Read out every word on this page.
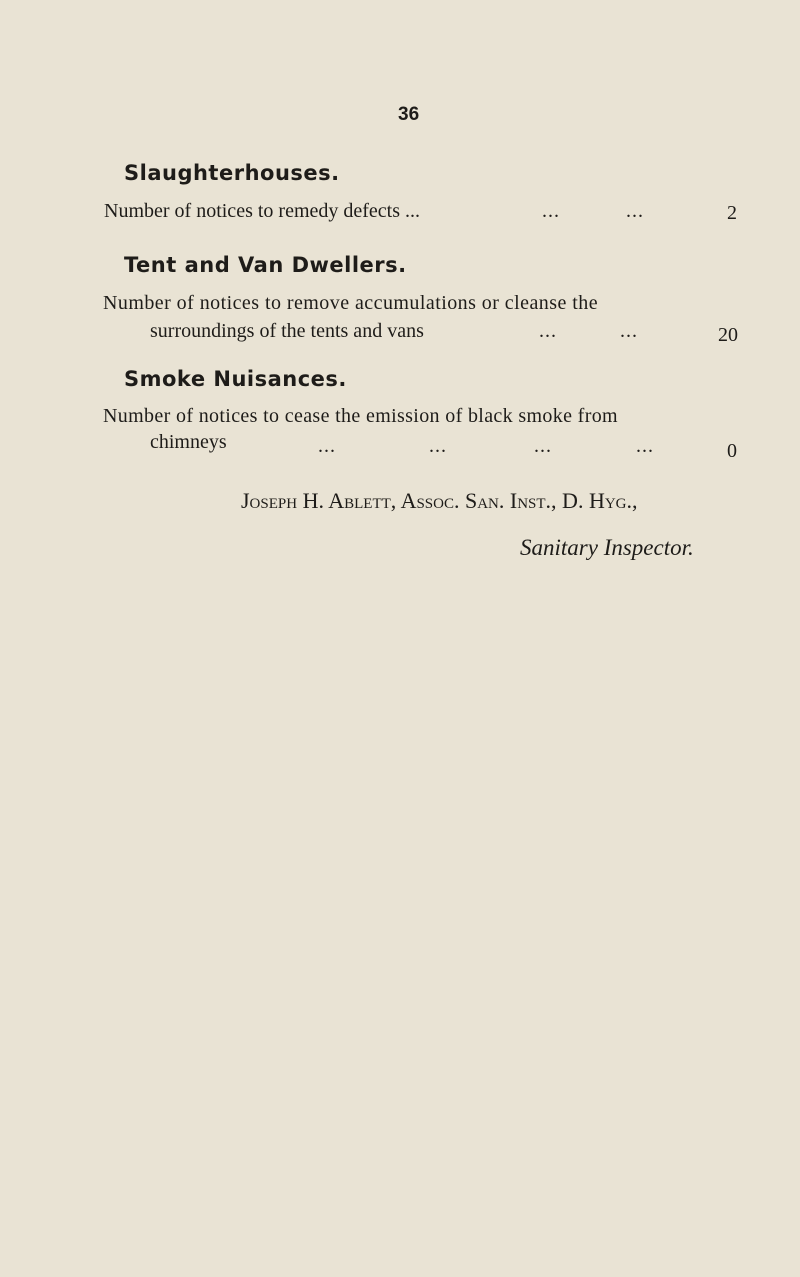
36
Slaughterhouses.
Number of notices to remedy defects ...	...	...	2
Tent and Van Dwellers.
Number of notices to remove accumulations or cleanse the
surroundings of the tents and vans	...	...	20
Smoke Nuisances.
Number of notices to cease the emission of black smoke from
chimneys	...	...	...	...	0
Joseph H. Ablett, Assoc. San. Inst., D. Hyg.,
Sanitary Inspector.
